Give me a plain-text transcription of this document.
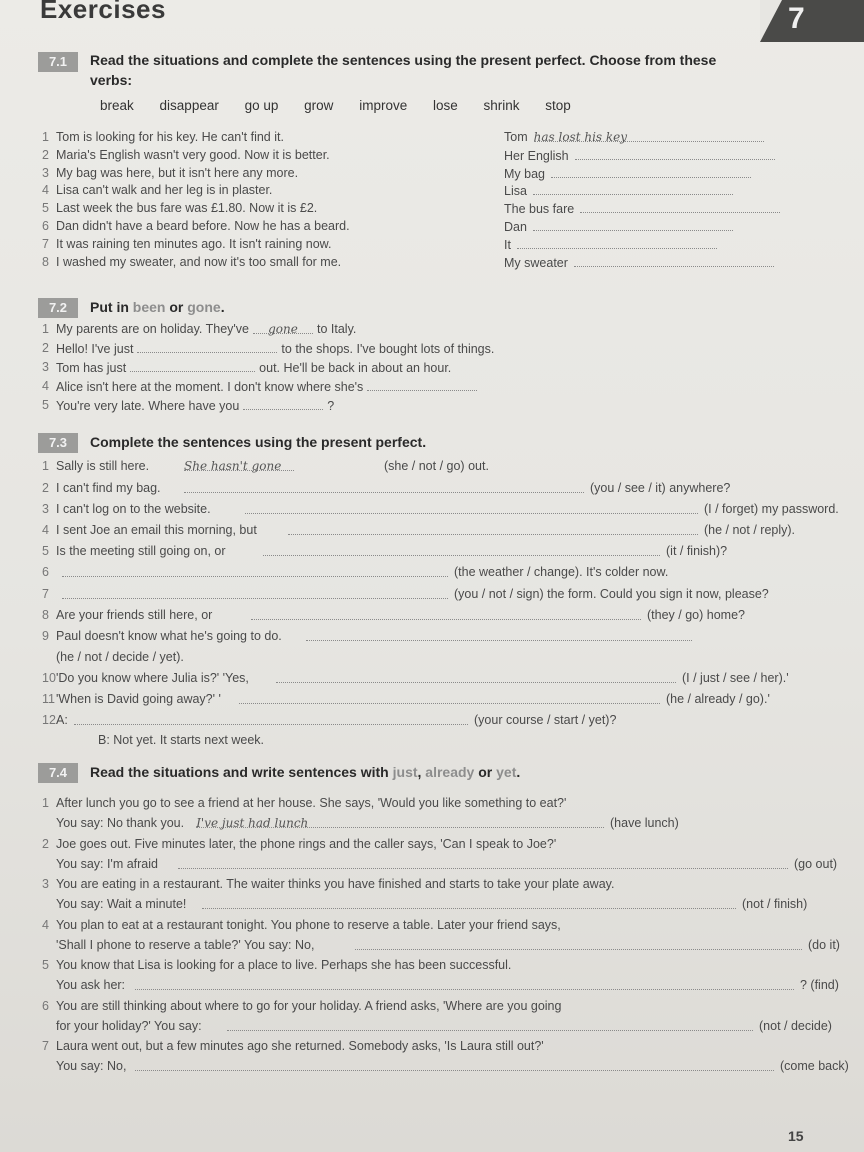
Exercises	7
7.1	Read the situations and complete the sentences using the present perfect. Choose from these
verbs:
break disappear go up grow improve lose shrink stop
1 Tom is looking for his key. He can't find it.	Tom has lost his key
2 Maria's English wasn't very good. Now it is better.	Her English
3 My bag was here, but it isn't here any more.	My bag
4 Lisa can't walk and her leg is in plaster.	Lisa
5 Last week the bus fare was £1.80. Now it is £2.	The bus fare
6 Dan didn't have a beard before. Now he has a beard.	Dan
7 It was raining ten minutes ago. It isn't raining now.	It
8 I washed my sweater, and now it's too small for me.	My sweater
7.2	Put in been or gone.
1 My parents are on holiday. They've gone to Italy.
2 Hello! I've just	to the shops. I've bought lots of things.
3 Tom has just	out. He'll be back in about an hour.
4 Alice isn't here at the moment. I don't know where she's
5 You're very late. Where have you	?
7.3	Complete the sentences using the present perfect.
1 Sally is still here.	She hasn't gone	(she / not / go) out.
2 I can't find my bag.	(you / see / it) anywhere?
3 I can't log on to the website.	(I / forget) my password.
4 I sent Joe an email this morning, but	(he / not / reply).
5 Is the meeting still going on, or	(it / finish)?
6	(the weather / change). It's colder now.
7	(you / not / sign) the form. Could you sign it now, please?
8 Are your friends still here, or	(they / go) home?
9 Paul doesn't know what he's going to do.
(he / not / decide / yet).
10 'Do you know where Julia is?' 'Yes,	(I / just / see / her).'
11 'When is David going away?' '	(he / already / go).'
12 A:	(your course / start / yet)?
B: Not yet. It starts next week.
7.4	Read the situations and write sentences with just, already or yet.
1 After lunch you go to see a friend at her house. She says, 'Would you like something to eat?'
You say: No thank you. I've just had lunch	(have lunch)
2 Joe goes out. Five minutes later, the phone rings and the caller says, 'Can I speak to Joe?'
You say: I'm afraid	(go out)
3 You are eating in a restaurant. The waiter thinks you have finished and starts to take your plate away.
You say: Wait a minute!	(not / finish)
4 You plan to eat at a restaurant tonight. You phone to reserve a table. Later your friend says,
'Shall I phone to reserve a table?' You say: No,	(do it)
5 You know that Lisa is looking for a place to live. Perhaps she has been successful.
You ask her:	? (find)
6 You are still thinking about where to go for your holiday. A friend asks, 'Where are you going
for your holiday?' You say:	(not / decide)
7 Laura went out, but a few minutes ago she returned. Somebody asks, 'Is Laura still out?'
You say: No,	(come back)
15
